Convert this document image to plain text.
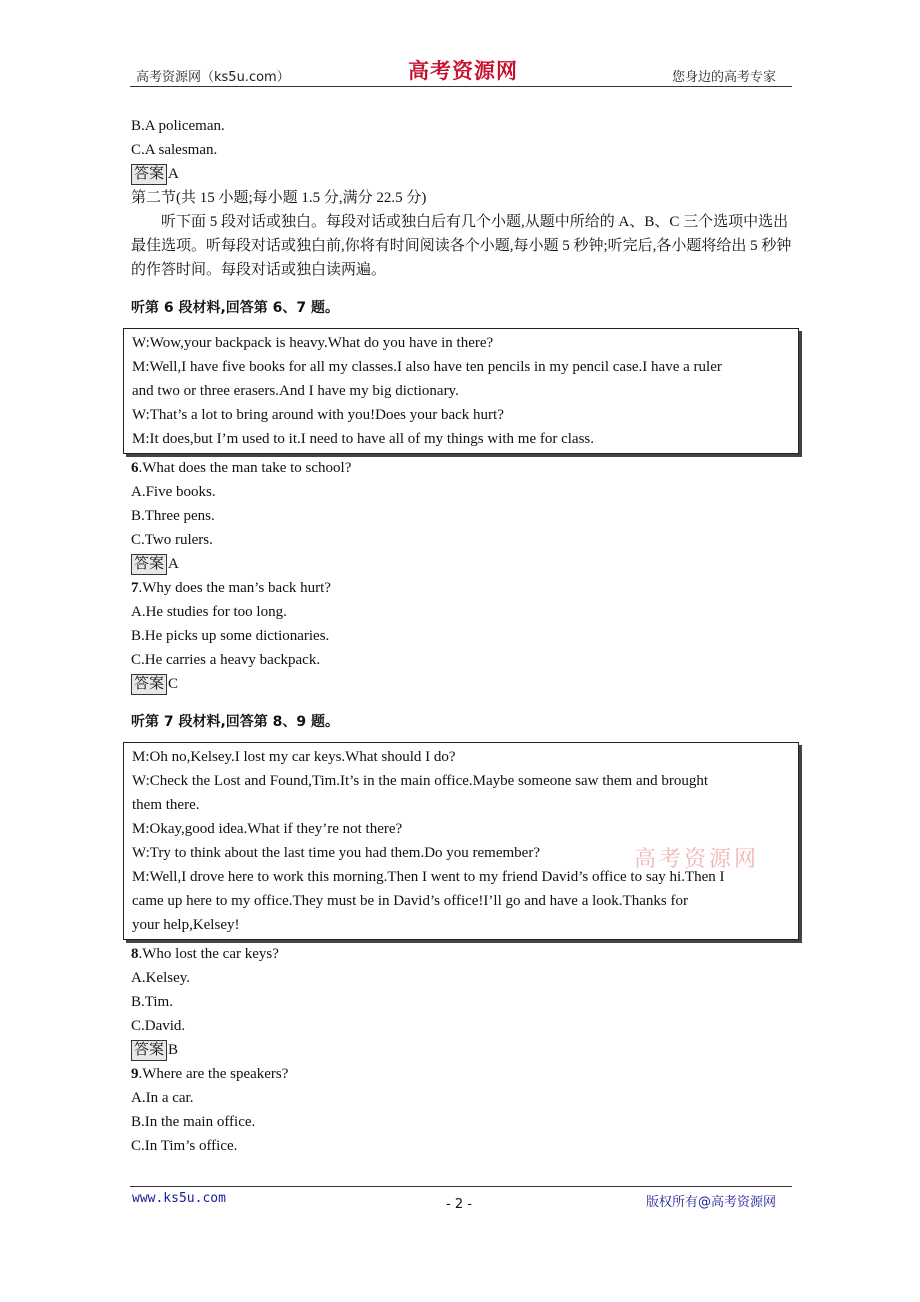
高考资源网（ks5u.com）	高考资源网	您身边的高考专家
高考资源网
B.A policeman.
C.A salesman.
答案 A
第二节(共 15 小题;每小题 1.5 分,满分 22.5 分)
听下面 5 段对话或独白。每段对话或独白后有几个小题,从题中所给的 A、B、C 三个选项中选出最佳选项。听每段对话或独白前,你将有时间阅读各个小题,每小题 5 秒钟;听完后,各小题将给出 5 秒钟的作答时间。每段对话或独白读两遍。
听第 6 段材料,回答第 6、7 题。
W:Wow,your backpack is heavy.What do you have in there?
M:Well,I have five books for all my classes.I also have ten pencils in my pencil case.I have a ruler
and two or three erasers.And I have my big dictionary.
W:That’s a lot to bring around with you!Does your back hurt?
M:It does,but I’m used to it.I need to have all of my things with me for class.
6.What does the man take to school?
A.Five books.
B.Three pens.
C.Two rulers.
答案 A
7.Why does the man’s back hurt?
A.He studies for too long.
B.He picks up some dictionaries.
C.He carries a heavy backpack.
答案 C
听第 7 段材料,回答第 8、9 题。
M:Oh no,Kelsey.I lost my car keys.What should I do?
W:Check the Lost and Found,Tim.It’s in the main office.Maybe someone saw them and brought
them there.
M:Okay,good idea.What if they’re not there?
W:Try to think about the last time you had them.Do you remember?
M:Well,I drove here to work this morning.Then I went to my friend David’s office to say hi.Then I
came up here to my office.They must be in David’s office!I’ll go and have a look.Thanks for
your help,Kelsey!
8.Who lost the car keys?
A.Kelsey.
B.Tim.
C.David.
答案 B
9.Where are the speakers?
A.In a car.
B.In the main office.
C.In Tim’s office.
www.ks5u.com	- 2 -	版权所有@高考资源网
